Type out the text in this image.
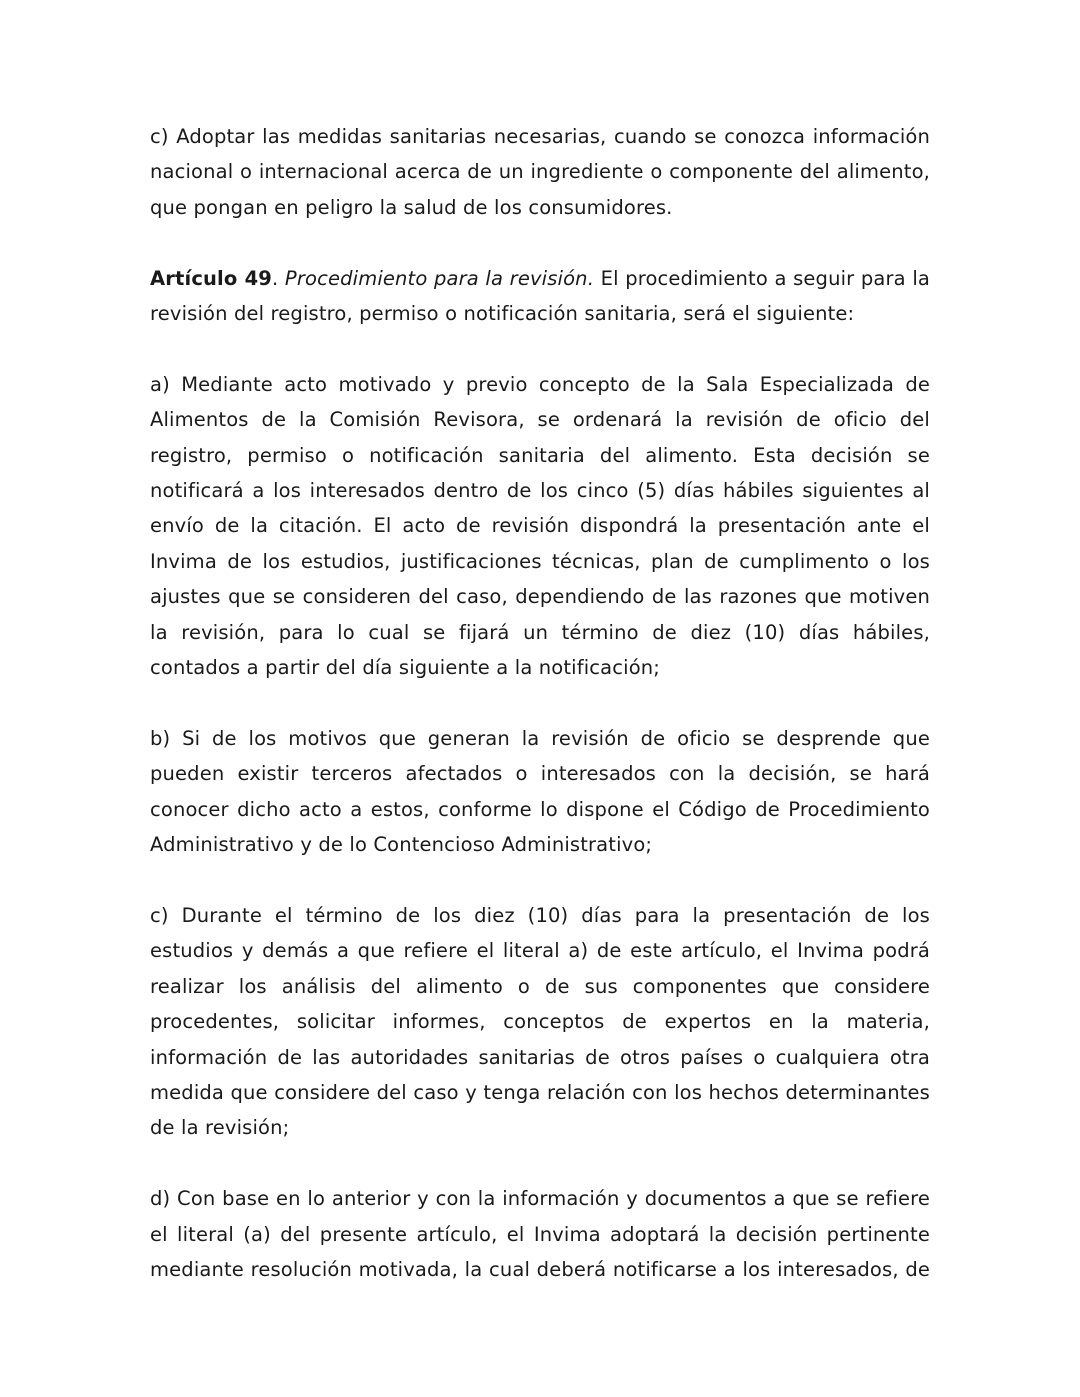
c) Adoptar las medidas sanitarias necesarias, cuando se conozca información nacional o internacional acerca de un ingrediente o componente del alimento, que pongan en peligro la salud de los consumidores.

Artículo 49. Procedimiento para la revisión. El procedimiento a seguir para la revisión del registro, permiso o notificación sanitaria, será el siguiente:

a) Mediante acto motivado y previo concepto de la Sala Especializada de Alimentos de la Comisión Revisora, se ordenará la revisión de oficio del registro, permiso o notificación sanitaria del alimento. Esta decisión se notificará a los interesados dentro de los cinco (5) días hábiles siguientes al envío de la citación. El acto de revisión dispondrá la presentación ante el Invima de los estudios, justificaciones técnicas, plan de cumplimento o los ajustes que se consideren del caso, dependiendo de las razones que motiven la revisión, para lo cual se fijará un término de diez (10) días hábiles, contados a partir del día siguiente a la notificación;

b) Si de los motivos que generan la revisión de oficio se desprende que pueden existir terceros afectados o interesados con la decisión, se hará conocer dicho acto a estos, conforme lo dispone el Código de Procedimiento Administrativo y de lo Contencioso Administrativo;

c) Durante el término de los diez (10) días para la presentación de los estudios y demás a que refiere el literal a) de este artículo, el Invima podrá realizar los análisis del alimento o de sus componentes que considere procedentes, solicitar informes, conceptos de expertos en la materia, información de las autoridades sanitarias de otros países o cualquiera otra medida que considere del caso y tenga relación con los hechos determinantes de la revisión;

d) Con base en lo anterior y con la información y documentos a que se refiere el literal (a) del presente artículo, el Invima adoptará la decisión pertinente mediante resolución motivada, la cual deberá notificarse a los interesados, de
